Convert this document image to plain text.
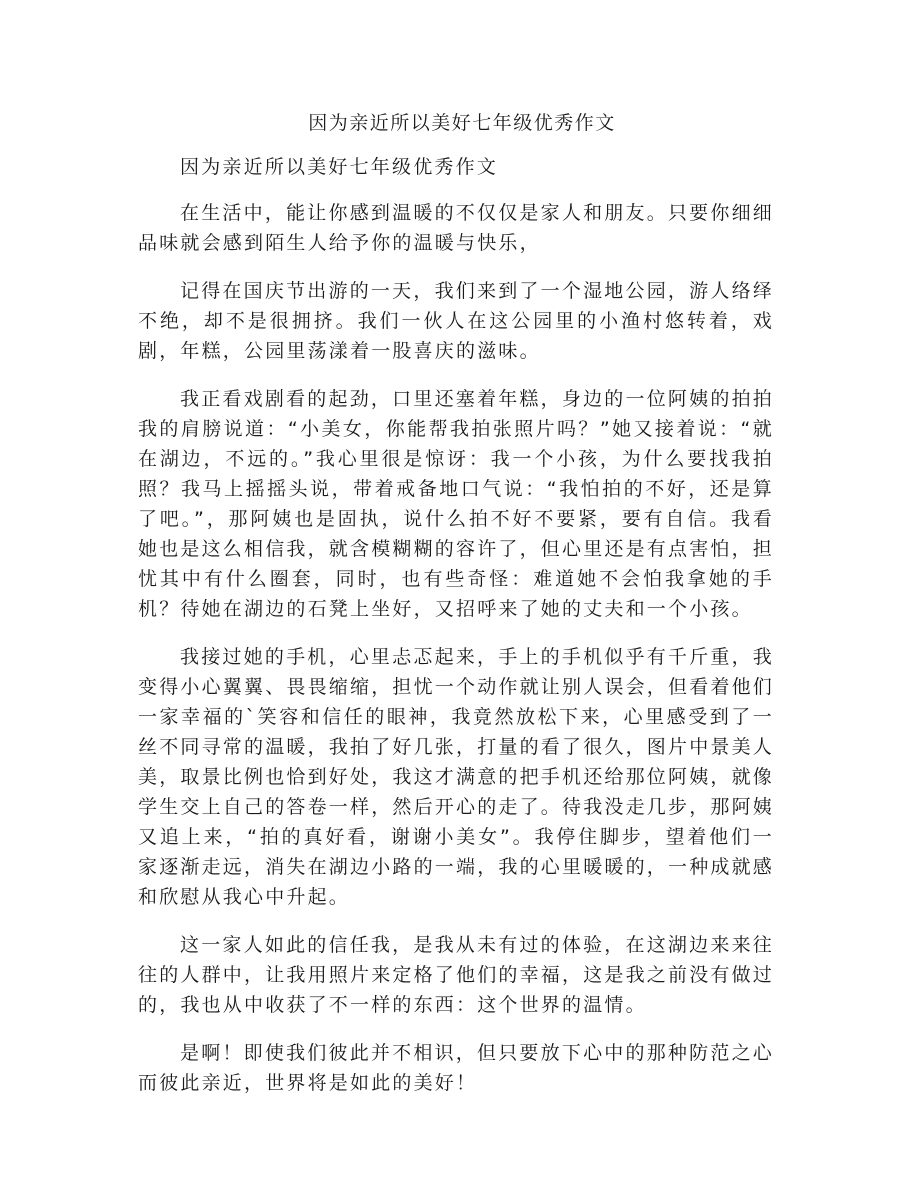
因为亲近所以美好七年级优秀作文

因为亲近所以美好七年级优秀作文

在生活中，能让你感到温暖的不仅仅是家人和朋友。只要你细细品味就会感到陌生人给予你的温暖与快乐，

记得在国庆节出游的一天，我们来到了一个湿地公园，游人络绎不绝，却不是很拥挤。我们一伙人在这公园里的小渔村悠转着，戏剧，年糕，公园里荡漾着一股喜庆的滋味。

我正看戏剧看的起劲，口里还塞着年糕，身边的一位阿姨的拍拍我的肩膀说道：“小美女，你能帮我拍张照片吗？”她又接着说：“就在湖边，不远的。”我心里很是惊讶：我一个小孩，为什么要找我拍照？我马上摇摇头说，带着戒备地口气说：“我怕拍的不好，还是算了吧。”，那阿姨也是固执，说什么拍不好不要紧，要有自信。我看她也是这么相信我，就含模糊糊的容许了，但心里还是有点害怕，担忧其中有什么圈套，同时，也有些奇怪：难道她不会怕我拿她的手机？待她在湖边的石凳上坐好，又招呼来了她的丈夫和一个小孩。

我接过她的手机，心里忐忑起来，手上的手机似乎有千斤重，我变得小心翼翼、畏畏缩缩，担忧一个动作就让别人误会，但看着他们一家幸福的`笑容和信任的眼神，我竟然放松下来，心里感受到了一丝不同寻常的温暖，我拍了好几张，打量的看了很久，图片中景美人美，取景比例也恰到好处，我这才满意的把手机还给那位阿姨，就像学生交上自己的答卷一样，然后开心的走了。待我没走几步，那阿姨又追上来，“拍的真好看，谢谢小美女”。我停住脚步，望着他们一家逐渐走远，消失在湖边小路的一端，我的心里暖暖的，一种成就感和欣慰从我心中升起。

这一家人如此的信任我，是我从未有过的体验，在这湖边来来往往的人群中，让我用照片来定格了他们的幸福，这是我之前没有做过的，我也从中收获了不一样的东西：这个世界的温情。

是啊！即使我们彼此并不相识，但只要放下心中的那种防范之心而彼此亲近，世界将是如此的美好！
